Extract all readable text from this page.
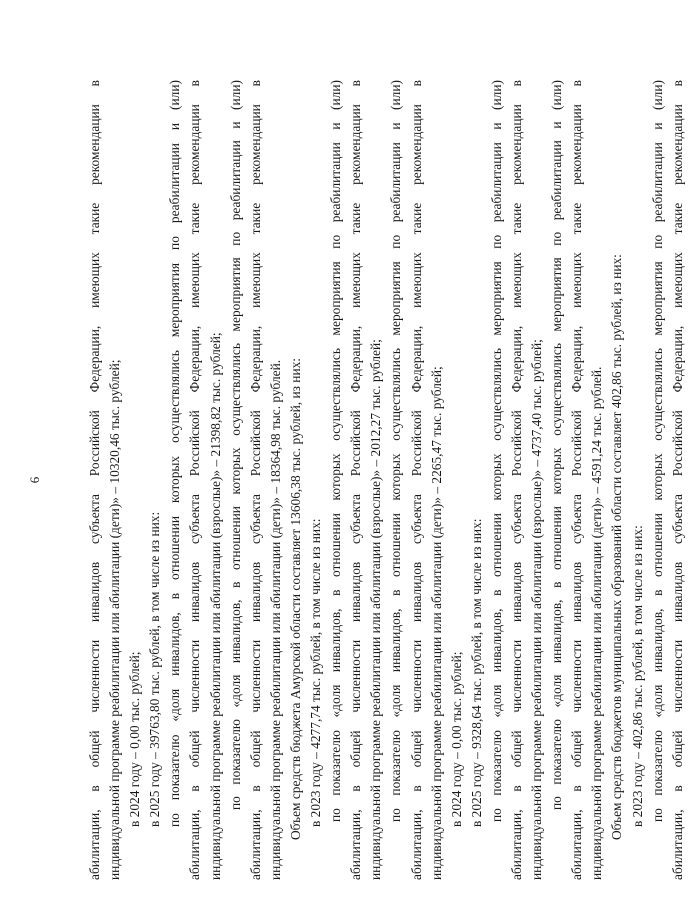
6	абилитации, в общей численности инвалидов субъекта Российской Федерации, имеющих такие рекомендации в индивидуальной программе реабилитации или абилитации (дети)» – 10320,46 тыс. рублей; в 2024 году – 0,00 тыс. рублей; в 2025 году – 39763,80 тыс. рублей, в том числе из них: по показателю «доля инвалидов, в отношении которых осуществлялись мероприятия по реабилитации и (или) абилитации, в общей численности инвалидов субъекта Российской Федерации, имеющих такие рекомендации в индивидуальной программе реабилитации или абилитации (взрослые)» – 21398,82 тыс. рублей; по показателю «доля инвалидов, в отношении которых осуществлялись мероприятия по реабилитации и (или) абилитации, в общей численности инвалидов субъекта Российской Федерации, имеющих такие рекомендации в индивидуальной программе реабилитации или абилитации (дети)» – 18364,98 тыс. рублей. Объем средств бюджета Амурской области составляет 13606,38 тыс. рублей, из них: в 2023 году – 4277,74 тыс. рублей, в том числе из них: по показателю «доля инвалидов, в отношении которых осуществлялись мероприятия по реабилитации и (или) абилитации, в общей численности инвалидов субъекта Российской Федерации, имеющих такие рекомендации в индивидуальной программе реабилитации или абилитации (взрослые)» – 2012,27 тыс. рублей; по показателю «доля инвалидов, в отношении которых осуществлялись мероприятия по реабилитации и (или) абилитации, в общей численности инвалидов субъекта Российской Федерации, имеющих такие рекомендации в индивидуальной программе реабилитации или абилитации (дети)» – 2265,47 тыс. рублей; в 2024 году – 0,00 тыс. рублей; в 2025 году – 9328,64 тыс. рублей, в том числе из них: по показателю «доля инвалидов, в отношении которых осуществлялись мероприятия по реабилитации и (или) абилитации, в общей численности инвалидов субъекта Российской Федерации, имеющих такие рекомендации в индивидуальной программе реабилитации или абилитации (взрослые)» – 4737,40 тыс. рублей; по показателю «доля инвалидов, в отношении которых осуществлялись мероприятия по реабилитации и (или) абилитации, в общей численности инвалидов субъекта Российской Федерации, имеющих такие рекомендации в индивидуальной программе реабилитации или абилитации (дети)» – 4591,24 тыс. рублей. Объем средств бюджетов муниципальных образований области составляет 402,86 тыс. рублей, из них: в 2023 году – 402,86 тыс. рублей, в том числе из них: по показателю «доля инвалидов, в отношении которых осуществлялись мероприятия по реабилитации и (или) абилитации, в общей численности инвалидов субъекта Российской Федерации, имеющих такие рекомендации в
